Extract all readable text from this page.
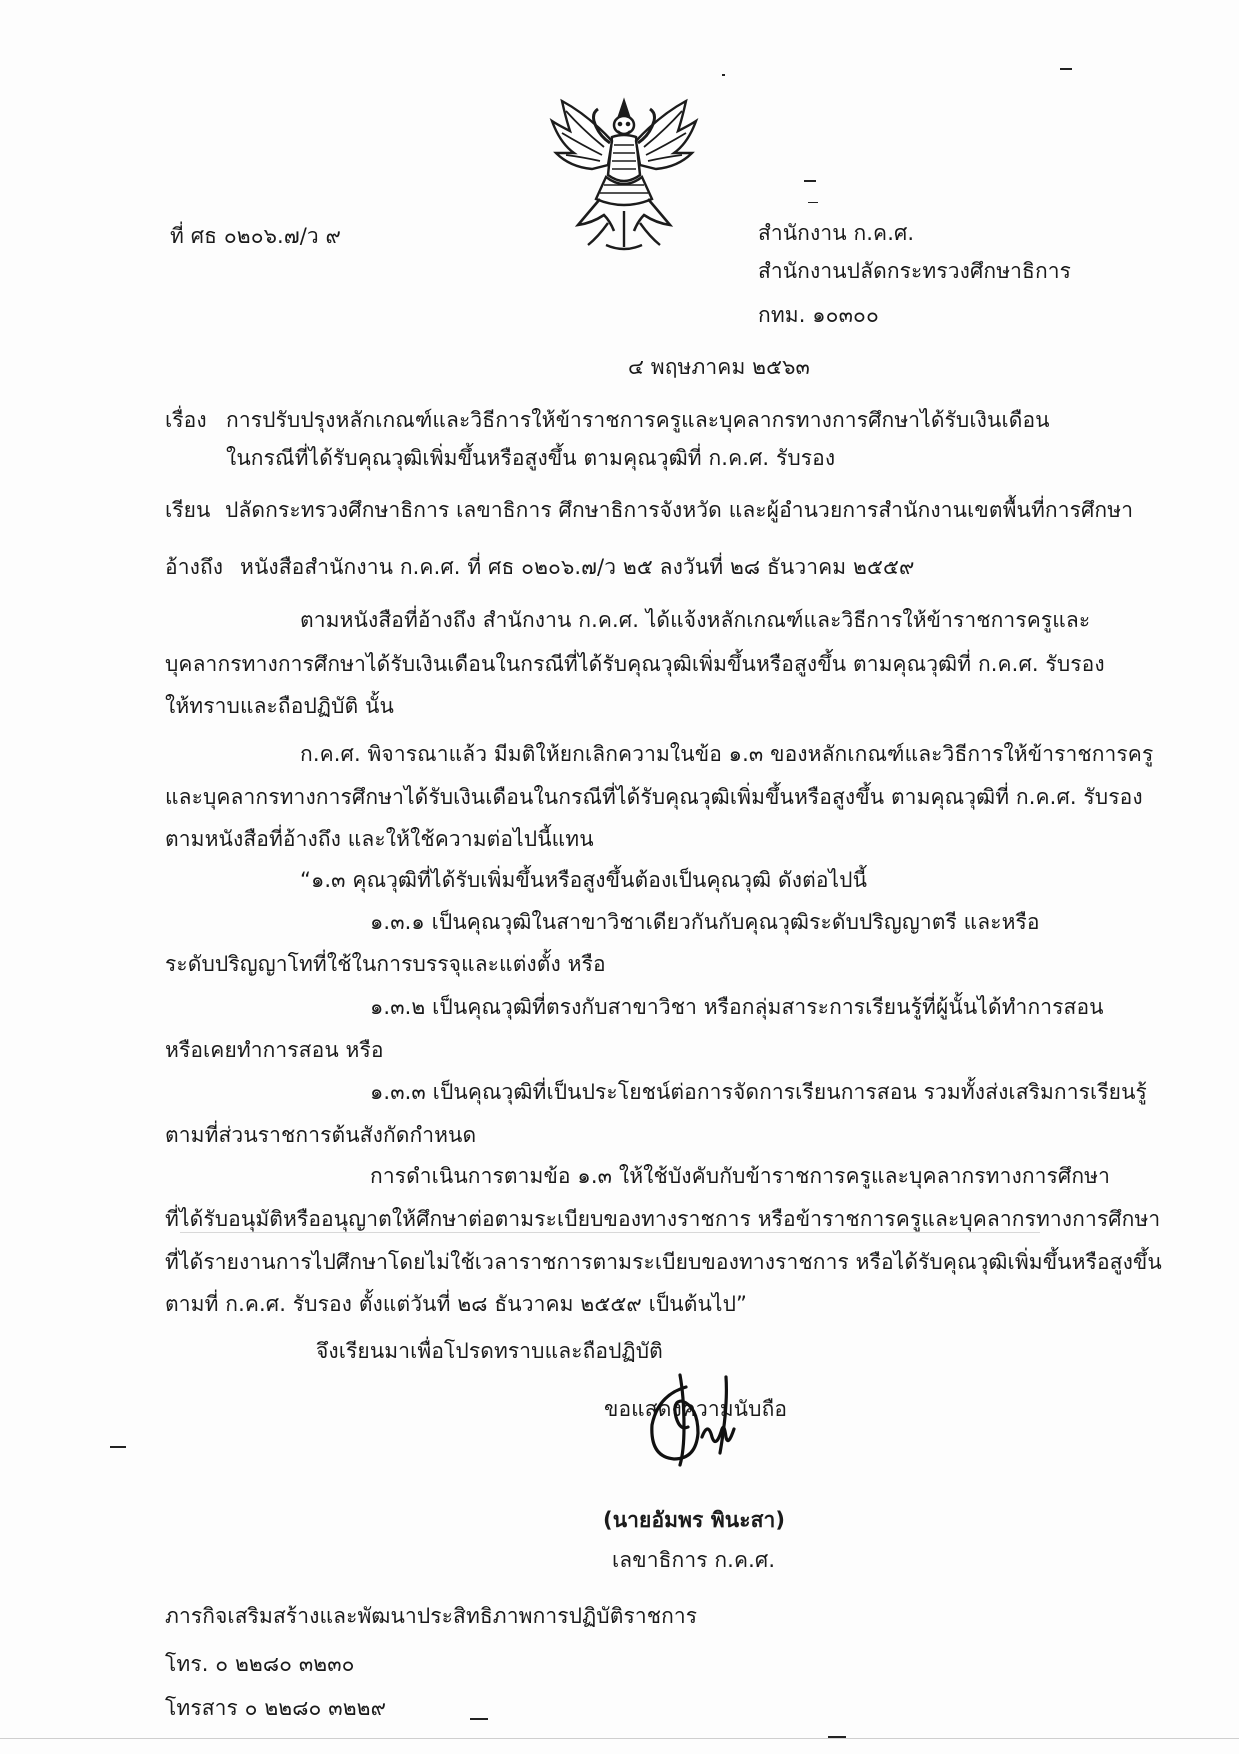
ที่ ศธ ๐๒๐๖.๗/ว ๙	สำนักงาน ก.ค.ศ.
สำนักงานปลัดกระทรวงศึกษาธิการ
กทม. ๑๐๓๐๐
๔ พฤษภาคม ๒๕๖๓
เรื่อง การปรับปรุงหลักเกณฑ์และวิธีการให้ข้าราชการครูและบุคลากรทางการศึกษาได้รับเงินเดือน
ในกรณีที่ได้รับคุณวุฒิเพิ่มขึ้นหรือสูงขึ้น ตามคุณวุฒิที่ ก.ค.ศ. รับรอง
เรียน ปลัดกระทรวงศึกษาธิการ เลขาธิการ ศึกษาธิการจังหวัด และผู้อำนวยการสำนักงานเขตพื้นที่การศึกษา
อ้างถึง หนังสือสำนักงาน ก.ค.ศ. ที่ ศธ ๐๒๐๖.๗/ว ๒๕ ลงวันที่ ๒๘ ธันวาคม ๒๕๕๙
ตามหนังสือที่อ้างถึง สำนักงาน ก.ค.ศ. ได้แจ้งหลักเกณฑ์และวิธีการให้ข้าราชการครูและ
บุคลากรทางการศึกษาได้รับเงินเดือนในกรณีที่ได้รับคุณวุฒิเพิ่มขึ้นหรือสูงขึ้น ตามคุณวุฒิที่ ก.ค.ศ. รับรอง
ให้ทราบและถือปฏิบัติ นั้น
ก.ค.ศ. พิจารณาแล้ว มีมติให้ยกเลิกความในข้อ ๑.๓ ของหลักเกณฑ์และวิธีการให้ข้าราชการครู
และบุคลากรทางการศึกษาได้รับเงินเดือนในกรณีที่ได้รับคุณวุฒิเพิ่มขึ้นหรือสูงขึ้น ตามคุณวุฒิที่ ก.ค.ศ. รับรอง
ตามหนังสือที่อ้างถึง และให้ใช้ความต่อไปนี้แทน
“๑.๓ คุณวุฒิที่ได้รับเพิ่มขึ้นหรือสูงขึ้นต้องเป็นคุณวุฒิ ดังต่อไปนี้
๑.๓.๑ เป็นคุณวุฒิในสาขาวิชาเดียวกันกับคุณวุฒิระดับปริญญาตรี และหรือ
ระดับปริญญาโทที่ใช้ในการบรรจุและแต่งตั้ง หรือ
๑.๓.๒ เป็นคุณวุฒิที่ตรงกับสาขาวิชา หรือกลุ่มสาระการเรียนรู้ที่ผู้นั้นได้ทำการสอน
หรือเคยทำการสอน หรือ
๑.๓.๓ เป็นคุณวุฒิที่เป็นประโยชน์ต่อการจัดการเรียนการสอน รวมทั้งส่งเสริมการเรียนรู้
ตามที่ส่วนราชการต้นสังกัดกำหนด
การดำเนินการตามข้อ ๑.๓ ให้ใช้บังคับกับข้าราชการครูและบุคลากรทางการศึกษา
ที่ได้รับอนุมัติหรืออนุญาตให้ศึกษาต่อตามระเบียบของทางราชการ หรือข้าราชการครูและบุคลากรทางการศึกษา
ที่ได้รายงานการไปศึกษาโดยไม่ใช้เวลาราชการตามระเบียบของทางราชการ หรือได้รับคุณวุฒิเพิ่มขึ้นหรือสูงขึ้น
ตามที่ ก.ค.ศ. รับรอง ตั้งแต่วันที่ ๒๘ ธันวาคม ๒๕๕๙ เป็นต้นไป”
จึงเรียนมาเพื่อโปรดทราบและถือปฏิบัติ
ขอแสดงความนับถือ
(นายอัมพร พินะสา)
เลขาธิการ ก.ค.ศ.
ภารกิจเสริมสร้างและพัฒนาประสิทธิภาพการปฏิบัติราชการ
โทร. ๐ ๒๒๘๐ ๓๒๓๐
โทรสาร ๐ ๒๒๘๐ ๓๒๒๙
